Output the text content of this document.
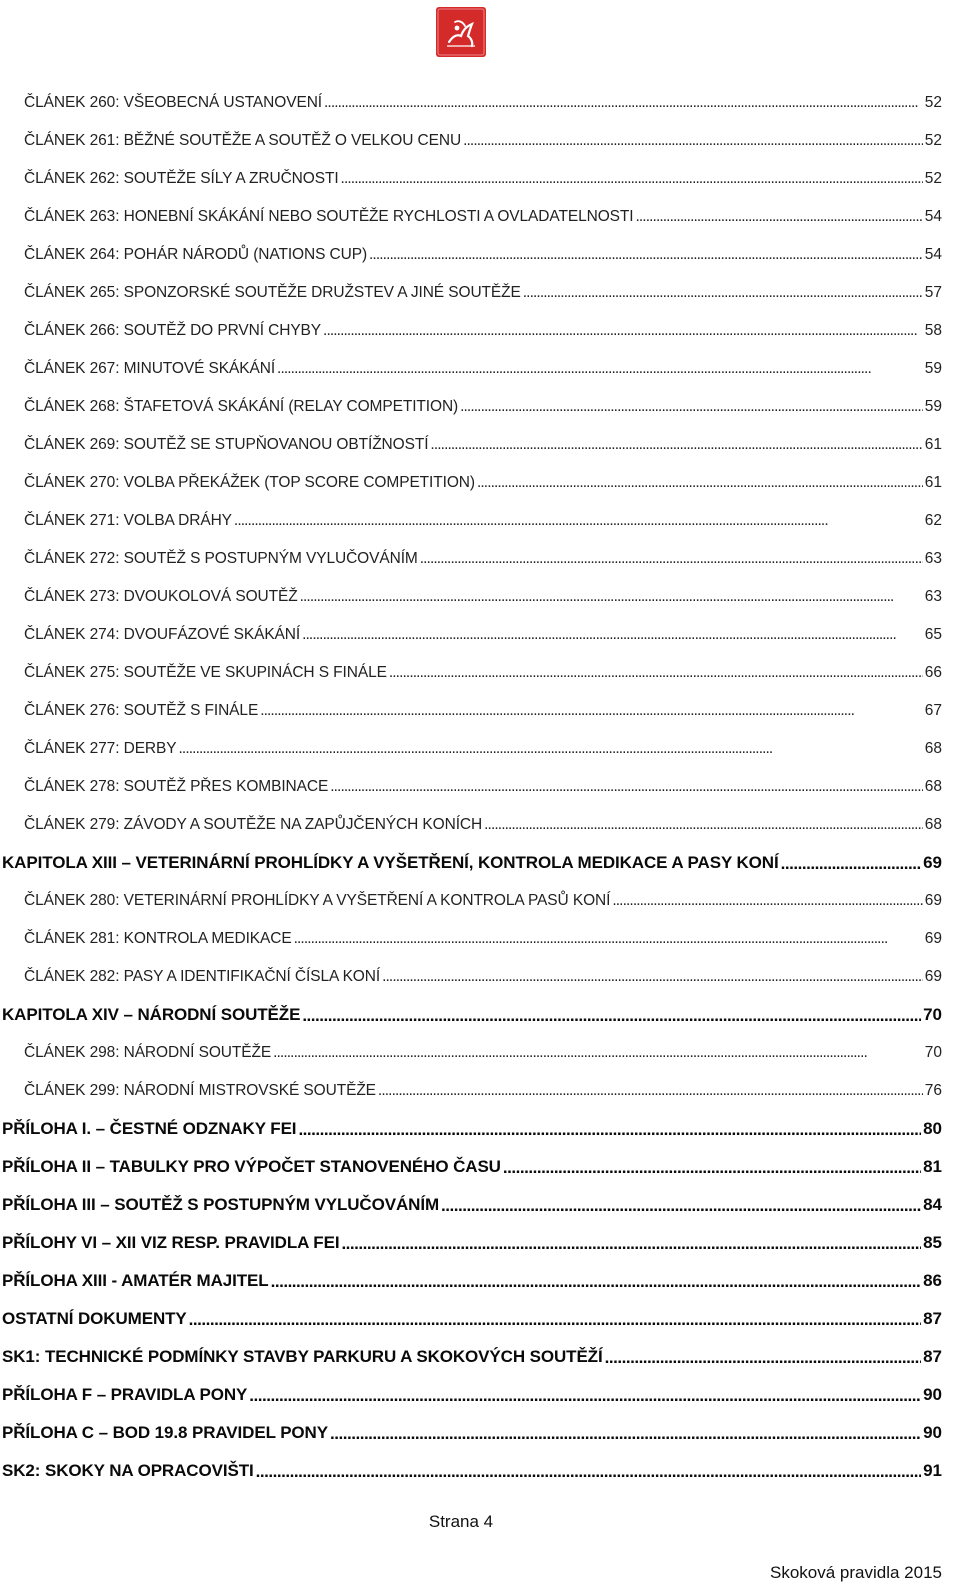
ČLÁNEK 260: VŠEOBECNÁ USTANOVENÍ . . .	52
ČLÁNEK 261: BĚŽNÉ SOUTĚŽE A SOUTĚŽ O VELKOU CENU . . .	52
ČLÁNEK 262: SOUTĚŽE SÍLY A ZRUČNOSTI . . .	52
ČLÁNEK 263: HONEBNÍ SKÁKÁNÍ NEBO SOUTĚŽE RYCHLOSTI A OVLADATELNOSTI . . .	54
ČLÁNEK 264: POHÁR NÁRODŮ (NATIONS CUP) . . .	54
ČLÁNEK 265: SPONZORSKÉ SOUTĚŽE DRUŽSTEV A JINÉ SOUTĚŽE . . .	57
ČLÁNEK 266: SOUTĚŽ DO PRVNÍ CHYBY . . .	58
ČLÁNEK 267: MINUTOVÉ SKÁKÁNÍ . . .	59
ČLÁNEK 268: ŠTAFETOVÁ SKÁKÁNÍ (RELAY COMPETITION) . . .	59
ČLÁNEK 269: SOUTĚŽ SE STUPŇOVANOU OBTÍŽNOSTÍ . . .	61
ČLÁNEK 270: VOLBA PŘEKÁŽEK (TOP SCORE COMPETITION) . . .	61
ČLÁNEK 271: VOLBA DRÁHY . . .	62
ČLÁNEK 272: SOUTĚŽ S POSTUPNÝM VYLUČOVÁNÍM . . .	63
ČLÁNEK 273: DVOUKOLOVÁ SOUTĚŽ . . .	63
ČLÁNEK 274: DVOUFÁZOVÉ SKÁKÁNÍ . . .	65
ČLÁNEK 275: SOUTĚŽE VE SKUPINÁCH S FINÁLE . . .	66
ČLÁNEK 276: SOUTĚŽ S FINÁLE . . .	67
ČLÁNEK 277: DERBY . . .	68
ČLÁNEK 278: SOUTĚŽ PŘES KOMBINACE . . .	68
ČLÁNEK 279: ZÁVODY A SOUTĚŽE NA ZAPŮJČENÝCH KONÍCH . . .	68
KAPITOLA XIII – VETERINÁRNÍ PROHLÍDKY A VYŠETŘENÍ, KONTROLA MEDIKACE A PASY KONÍ . . .	69
ČLÁNEK 280: VETERINÁRNÍ PROHLÍDKY A VYŠETŘENÍ A KONTROLA PASŮ KONÍ . . .	69
ČLÁNEK 281: KONTROLA MEDIKACE . . .	69
ČLÁNEK 282: PASY A IDENTIFIKAČNÍ ČÍSLA KONÍ . . .	69
KAPITOLA XIV – NÁRODNÍ SOUTĚŽE . . .	70
ČLÁNEK 298: NÁRODNÍ SOUTĚŽE . . .	70
ČLÁNEK 299: NÁRODNÍ MISTROVSKÉ SOUTĚŽE . . .	76
PŘÍLOHA I. – ČESTNÉ ODZNAKY FEI . . .	80
PŘÍLOHA II – TABULKY PRO VÝPOČET STANOVENÉHO ČASU . . .	81
PŘÍLOHA III – SOUTĚŽ S POSTUPNÝM VYLUČOVÁNÍM . . .	84
PŘÍLOHY VI – XII VIZ RESP. PRAVIDLA FEI . . .	85
PŘÍLOHA XIII - AMATÉR MAJITEL . . .	86
OSTATNÍ DOKUMENTY . . .	87
SK1: TECHNICKÉ PODMÍNKY STAVBY PARKURU A SKOKOVÝCH SOUTĚŽÍ . . .	87
PŘÍLOHA F – PRAVIDLA PONY . . .	90
PŘÍLOHA C – BOD 19.8 PRAVIDEL PONY . . .	90
SK2: SKOKY NA OPRACOVIŠTI . . .	91
Strana 4
Skoková pravidla 2015
